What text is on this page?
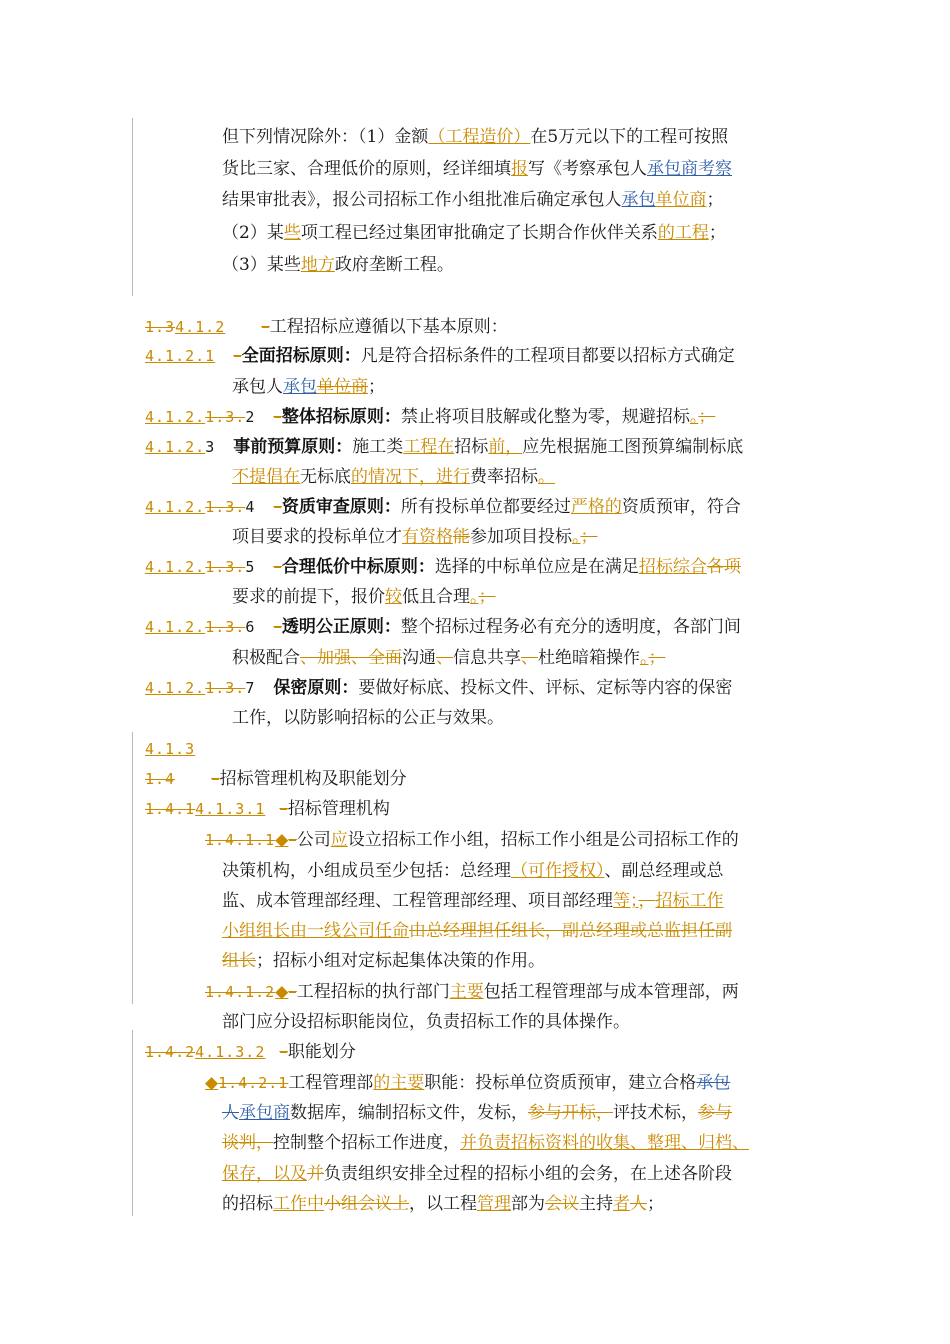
但下列情况除外：（1）金额（工程造价）在5万元以下的工程可按照
货比三家、合理低价的原则，经详细填报写《考察承包人承包商考察
结果审批表》，报公司招标工作小组批准后确定承包人承包单位商；
（2）某些项工程已经过集团审批确定了长期合作伙伴关系的工程；
（3）某些地方政府垄断工程。
1.34.1.2 –工程招标应遵循以下基本原则：
4.1.2.1 –全面招标原则：凡是符合招标条件的工程项目都要以招标方式确定
承包人承包单位商；
4.1.2.1.3.2 –整体招标原则：禁止将项目肢解或化整为零，规避招标。；
4.1.2.3 事前预算原则：施工类工程在招标前，应先根据施工图预算编制标底
不提倡在无标底的情况下，进行费率招标。
4.1.2.1.3.4 –资质审查原则：所有投标单位都要经过严格的资质预审，符合
项目要求的投标单位才有资格能参加项目投标。；
4.1.2.1.3.5 –合理低价中标原则：选择的中标单位应是在满足招标综合各项
要求的前提下，报价较低且合理。；
4.1.2.1.3.6 –透明公正原则：整个招标过程务必有充分的透明度，各部门间
积极配合、加强、全面沟通、信息共享、杜绝暗箱操作。；
4.1.2.1.3.7 保密原则：要做好标底、投标文件、评标、定标等内容的保密
工作，以防影响招标的公正与效果。
4.1.3
1.4 –招标管理机构及职能划分
1.4.14.1.3.1 –招标管理机构
1.4.1.1◆–公司应设立招标工作小组，招标工作小组是公司招标工作的
决策机构，小组成员至少包括：总经理（可作授权）、副总经理或总
监、成本管理部经理、工程管理部经理、项目部经理等；，招标工作
小组组长由一线公司任命由总经理担任组长，副总经理或总监担任副
组长；招标小组对定标起集体决策的作用。
1.4.1.2◆–工程招标的执行部门主要包括工程管理部与成本管理部，两
部门应分设招标职能岗位，负责招标工作的具体操作。
1.4.24.1.3.2 –职能划分
◆1.4.2.1工程管理部的主要职能：投标单位资质预审，建立合格承包
人承包商数据库，编制招标文件，发标，参与开标，评技术标，参与
谈判，控制整个招标工作进度，并负责招标资料的收集、整理、归档、
保存，以及并负责组织安排全过程的招标小组的会务，在上述各阶段
的招标工作中小组会议上，以工程管理部为会议主持者人；
